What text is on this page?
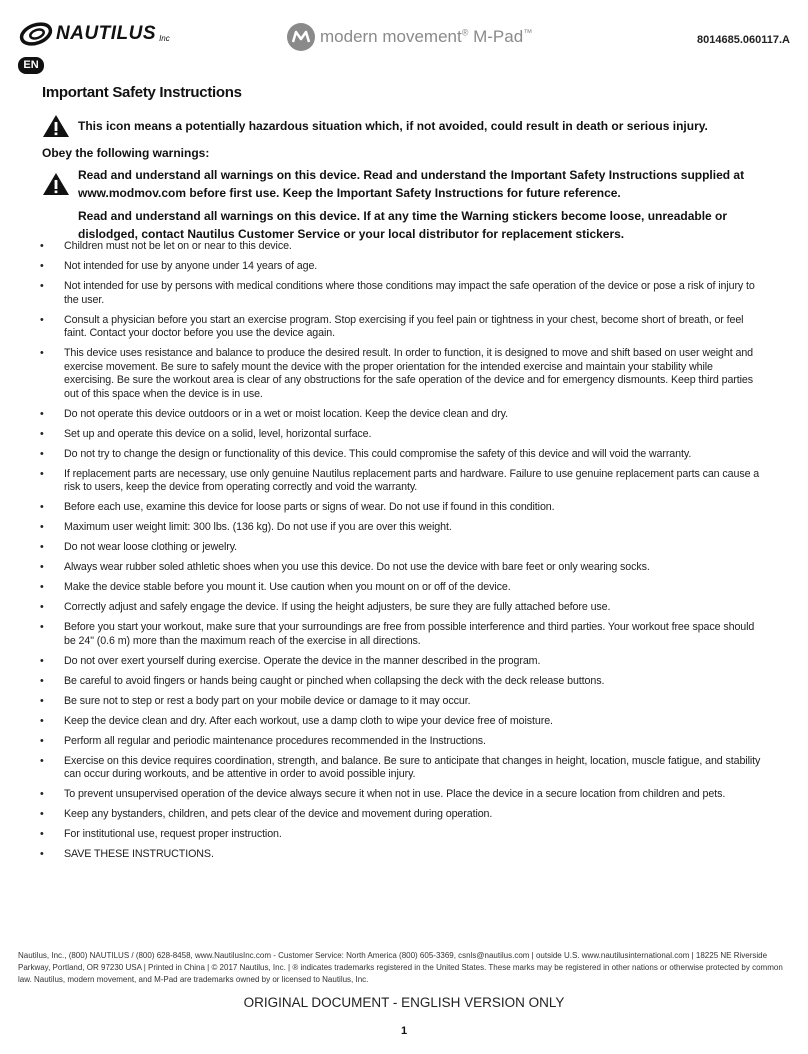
NAUTILUS Inc	modern movement® M-Pad™
8014685.060117.A
EN
Important Safety Instructions
This icon means a potentially hazardous situation which, if not avoided, could result in death or serious injury.
Obey the following warnings:
Read and understand all warnings on this device. Read and understand the Important Safety Instructions supplied at www.modmov.com before first use. Keep the Important Safety Instructions for future reference.
Read and understand all warnings on this device. If at any time the Warning stickers become loose, unreadable or dislodged, contact Nautilus Customer Service or your local distributor for replacement stickers.
• Children must not be let on or near to this device.
• Not intended for use by anyone under 14 years of age.
• Not intended for use by persons with medical conditions where those conditions may impact the safe operation of the device or pose a risk of injury to the user.
• Consult a physician before you start an exercise program. Stop exercising if you feel pain or tightness in your chest, become short of breath, or feel faint. Contact your doctor before you use the device again.
• This device uses resistance and balance to produce the desired result. In order to function, it is designed to move and shift based on user weight and exercise movement. Be sure to safely mount the device with the proper orientation for the intended exercise and maintain your stability while exercising. Be sure the workout area is clear of any obstructions for the safe operation of the device and for emergency dismounts. Keep third parties out of this space when the device is in use.
• Do not operate this device outdoors or in a wet or moist location. Keep the device clean and dry.
• Set up and operate this device on a solid, level, horizontal surface.
• Do not try to change the design or functionality of this device. This could compromise the safety of this device and will void the warranty.
• If replacement parts are necessary, use only genuine Nautilus replacement parts and hardware. Failure to use genuine replacement parts can cause a risk to users, keep the device from operating correctly and void the warranty.
• Before each use, examine this device for loose parts or signs of wear. Do not use if found in this condition.
• Maximum user weight limit: 300 lbs. (136 kg). Do not use if you are over this weight.
• Do not wear loose clothing or jewelry.
• Always wear rubber soled athletic shoes when you use this device. Do not use the device with bare feet or only wearing socks.
• Make the device stable before you mount it. Use caution when you mount on or off of the device.
• Correctly adjust and safely engage the device. If using the height adjusters, be sure they are fully attached before use.
• Before you start your workout, make sure that your surroundings are free from possible interference and third parties. Your workout free space should be 24" (0.6 m) more than the maximum reach of the exercise in all directions.
• Do not over exert yourself during exercise. Operate the device in the manner described in the program.
• Be careful to avoid fingers or hands being caught or pinched when collapsing the deck with the deck release buttons.
• Be sure not to step or rest a body part on your mobile device or damage to it may occur.
• Keep the device clean and dry. After each workout, use a damp cloth to wipe your device free of moisture.
• Perform all regular and periodic maintenance procedures recommended in the Instructions.
• Exercise on this device requires coordination, strength, and balance. Be sure to anticipate that changes in height, location, muscle fatigue, and stability can occur during workouts, and be attentive in order to avoid possible injury.
• To prevent unsupervised operation of the device always secure it when not in use. Place the device in a secure location from children and pets.
• Keep any bystanders, children, and pets clear of the device and movement during operation.
• For institutional use, request proper instruction.
• SAVE THESE INSTRUCTIONS.
Nautilus, Inc., (800) NAUTILUS / (800) 628-8458, www.NautilusInc.com - Customer Service: North America (800) 605-3369, csnls@nautilus.com | outside U.S. www.nautilusinternational.com | 18225 NE Riverside Parkway, Portland, OR 97230 USA | Printed in China | © 2017 Nautilus, Inc. | ® indicates trademarks registered in the United States. These marks may be registered in other nations or otherwise protected by common law. Nautilus, modern movement, and M-Pad are trademarks owned by or licensed to Nautilus, Inc.
ORIGINAL DOCUMENT - ENGLISH VERSION ONLY
1
